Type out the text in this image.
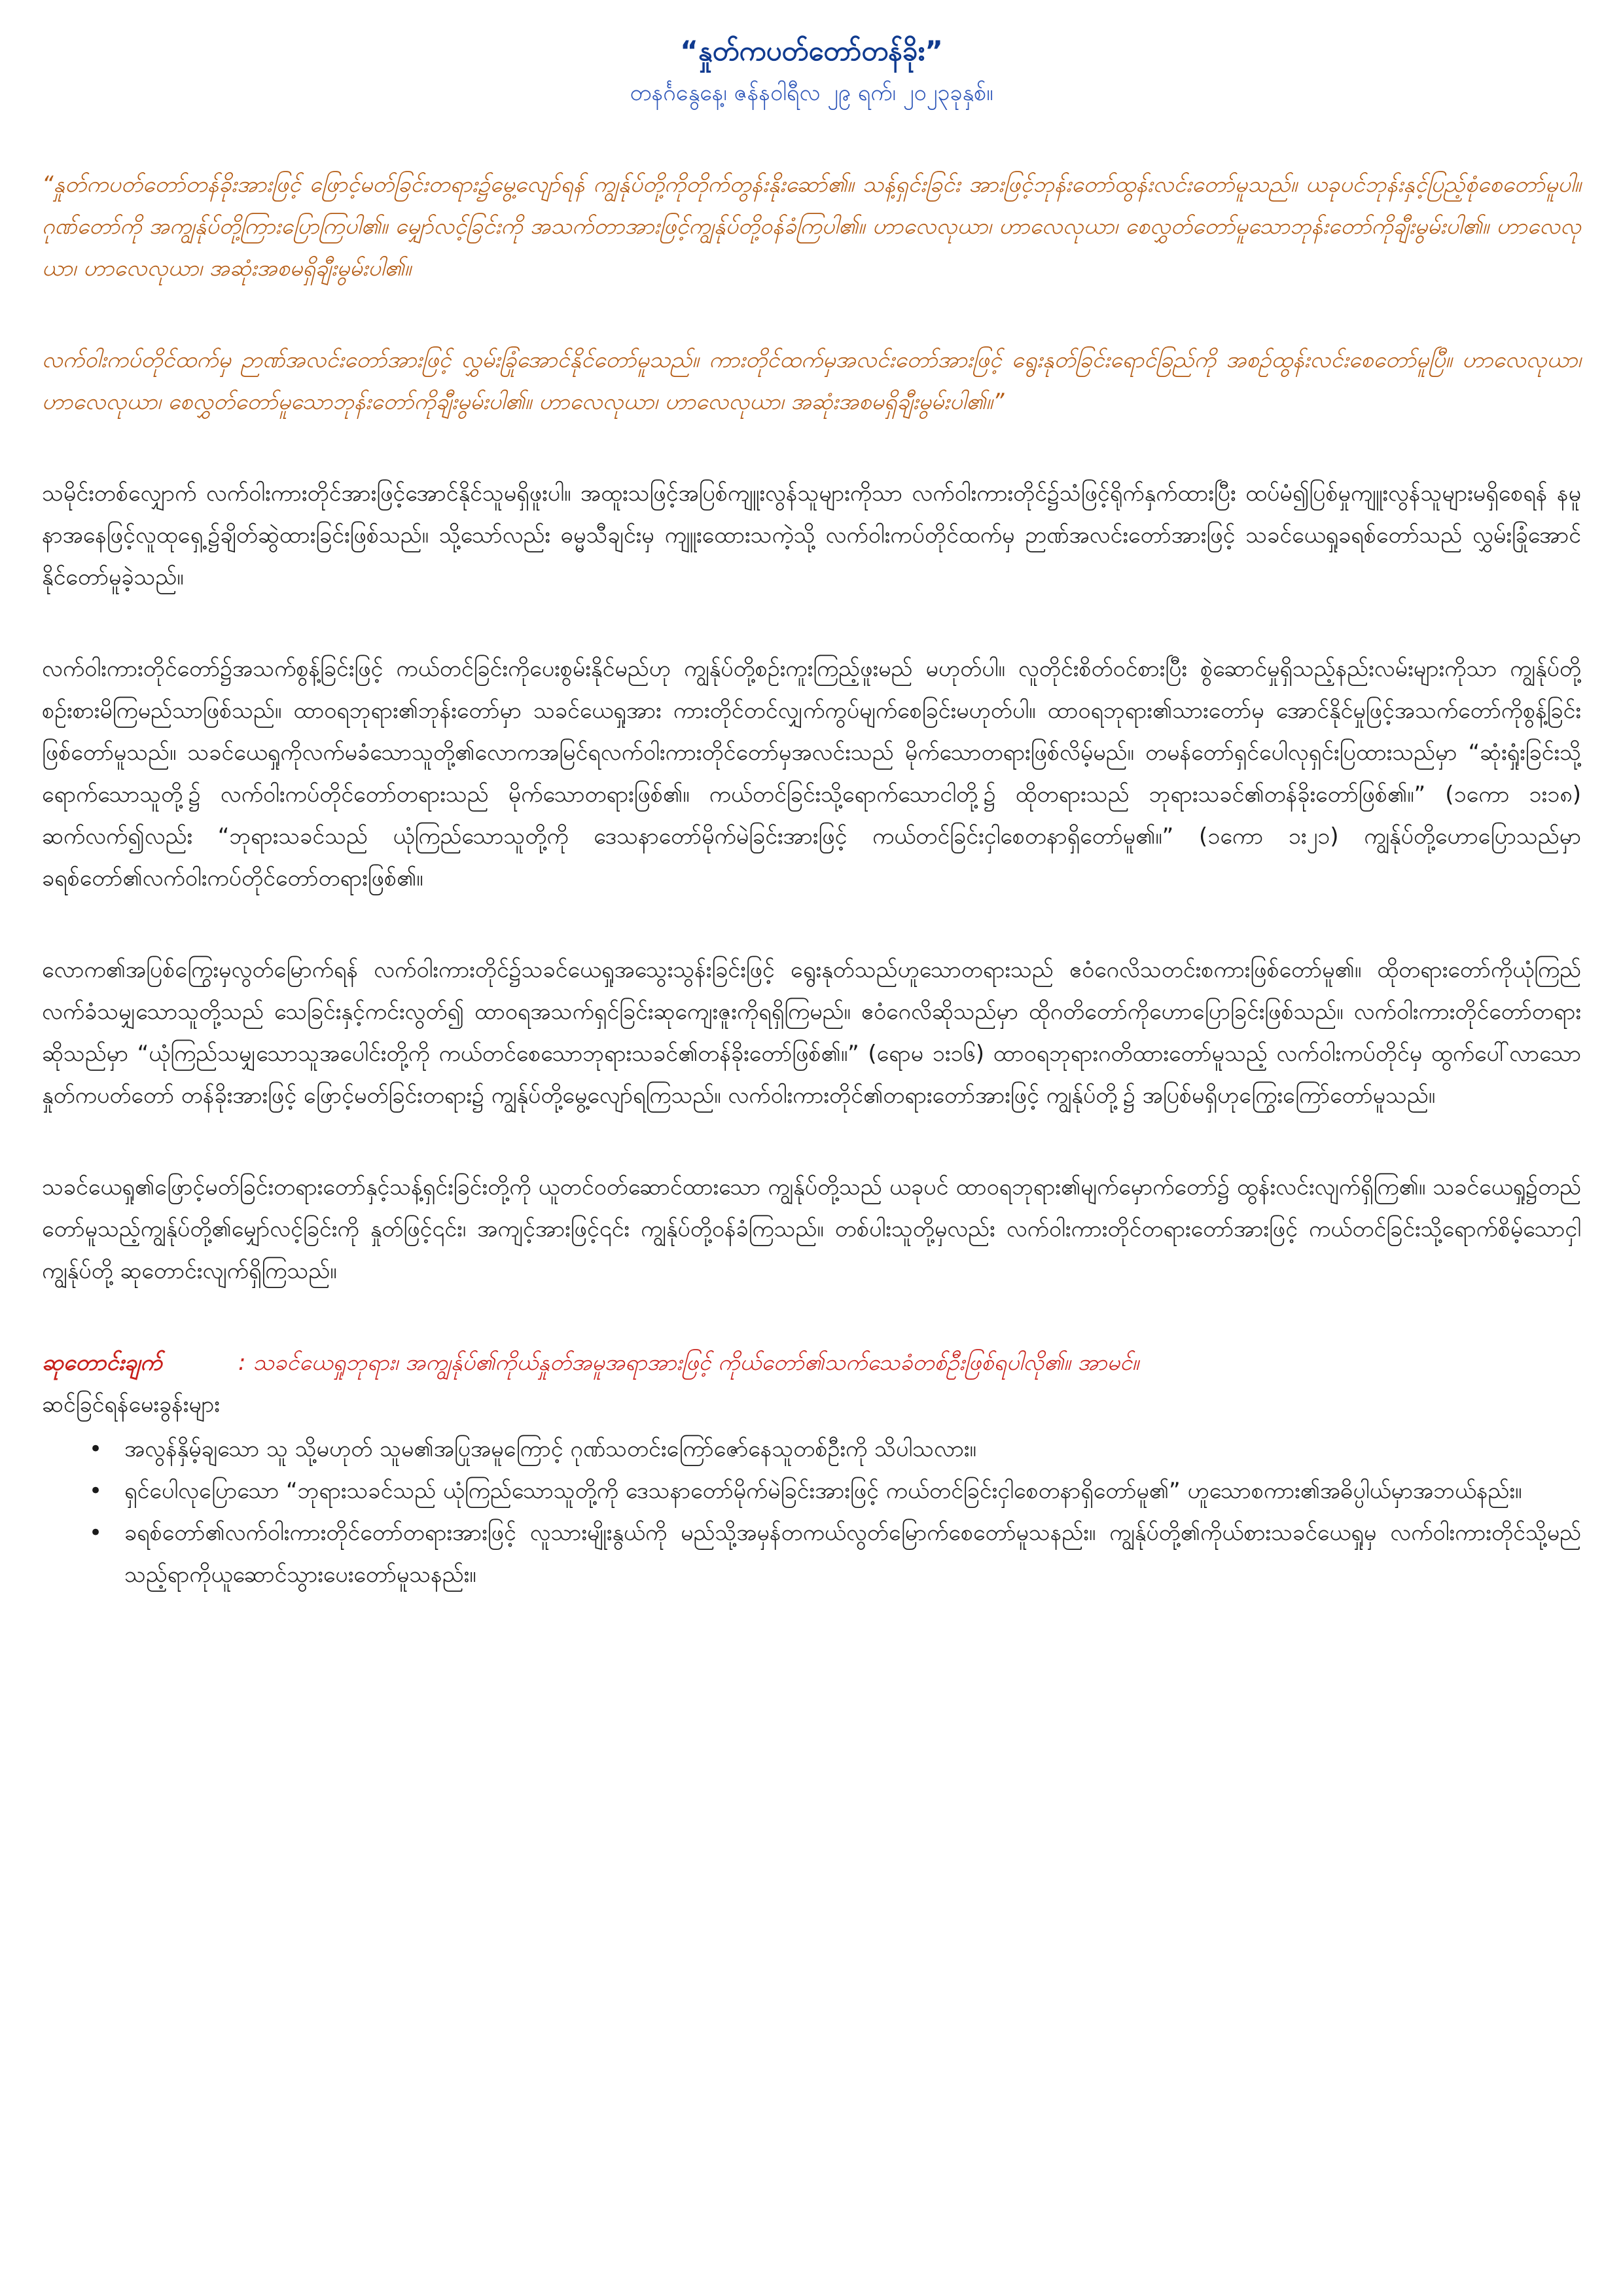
“နှုတ်ကပတ်တော်တန်ခိုး”
တနင်္ဂနွေနေ့၊ ဇန်နဝါရီလ ၂၉ ရက်၊ ၂၀၂၃ခုနှစ်။

“နှုတ်ကပတ်တော်တန်ခိုးအားဖြင့် ဖြောင့်မတ်ခြင်းတရား၌မွေ့လျော်ရန် ကျွန်ုပ်တို့ကိုတိုက်တွန်းနိုးဆော်၏။ သန့်ရှင်းခြင်း အားဖြင့်ဘုန်းတော်ထွန်းလင်းတော်မူသည်။ ယခုပင်ဘုန်းနှင့်ပြည့်စုံစေတော်မူပါ။ ဂုဏ်တော်ကို အကျွန်ုပ်တို့ကြားပြောကြပါ၏။ မျှော်လင့်ခြင်းကို အသက်တာအားဖြင့်ကျွန်ုပ်တို့ဝန်ခံကြပါ၏။ ဟာလေလုယာ၊ ဟာလေလုယာ၊ စေလွှတ်တော်မူသောဘုန်းတော်ကိုချီးမွမ်းပါ၏။ ဟာလေလုယာ၊ ဟာလေလုယာ၊ အဆုံးအစမရှိချီးမွမ်းပါ၏။

လက်ဝါးကပ်တိုင်ထက်မှ ဉာဏ်အလင်းတော်အားဖြင့် လွှမ်းခြုံအောင်နိုင်တော်မူသည်။ ကားတိုင်ထက်မှအလင်းတော်အားဖြင့် ရွေးနုတ်ခြင်းရောင်ခြည်ကို အစဉ်ထွန်းလင်းစေတော်မူပြီ။ ဟာလေလုယာ၊ ဟာလေလုယာ၊ စေလွှတ်တော်မူသောဘုန်းတော်ကိုချီးမွမ်းပါ၏။ ဟာလေလုယာ၊ ဟာလေလုယာ၊ အဆုံးအစမရှိချီးမွမ်းပါ၏။”

သမိုင်းတစ်လျှောက် လက်ဝါးကားတိုင်အားဖြင့်အောင်နိုင်သူမရှိဖူးပါ။ အထူးသဖြင့်အပြစ်ကျူးလွန်သူများကိုသာ လက်ဝါးကားတိုင်၌သံဖြင့်ရိုက်နှက်ထားပြီး ထပ်မံ၍ပြစ်မှုကျူးလွန်သူများမရှိစေရန် နမူနာအနေဖြင့်လူထုရှေ့၌ချိတ်ဆွဲထားခြင်းဖြစ်သည်။ သို့သော်လည်း ဓမ္မသီချင်းမှ ကျူးထေားသကဲ့သို့ လက်ဝါးကပ်တိုင်ထက်မှ ဉာဏ်အလင်းတော်အားဖြင့် သခင်ယေရှုခရစ်တော်သည် လွှမ်းခြုံအောင်နိုင်တော်မူခဲ့သည်။

လက်ဝါးကားတိုင်တော်၌အသက်စွန့်ခြင်းဖြင့် ကယ်တင်ခြင်းကိုပေးစွမ်းနိုင်မည်ဟု ကျွန်ုပ်တို့စဉ်းကူးကြည့်ဖူးမည် မဟုတ်ပါ။ လူတိုင်းစိတ်ဝင်စားပြီး စွဲဆောင်မှုရှိသည့်နည်းလမ်းများကိုသာ ကျွန်ုပ်တို့စဉ်းစားမိကြမည်သာဖြစ်သည်။ ထာဝရဘုရား၏ဘုန်းတော်မှာ သခင်ယေရှုအား ကားတိုင်တင်လျှက်ကွပ်မျက်စေခြင်းမဟုတ်ပါ။ ထာဝရဘုရား၏သားတော်မှ အောင်နိုင်မှုဖြင့်အသက်တော်ကိုစွန့်ခြင်းဖြစ်တော်မူသည်။ သခင်ယေရှုကိုလက်မခံသောသူတို့၏လောကအမြင်ရလက်ဝါးကားတိုင်တော်မှအလင်းသည် မိုက်သောတရားဖြစ်လိမ့်မည်။ တမန်တော်ရှင်ပေါလုရှင်းပြထားသည်မှာ “ဆုံးရှုံးခြင်းသို့ရောက်သောသူတို့၌ လက်ဝါးကပ်တိုင်တော်တရားသည် မိုက်သောတရားဖြစ်၏။ ကယ်တင်ခြင်းသို့ရောက်သောငါတို့၌ ထိုတရားသည် ဘုရားသခင်၏တန်ခိုးတော်ဖြစ်၏။” (၁ကော ၁း၁၈) ဆက်လက်၍လည်း “ဘုရားသခင်သည် ယုံကြည်သောသူတို့ကို ဒေသနာတော်မိုက်မဲခြင်းအားဖြင့် ကယ်တင်ခြင်းငှါစေတနာရှိတော်မူ၏။” (၁ကော ၁း၂၁) ကျွန်ုပ်တို့ဟောပြောသည်မှာ ခရစ်တော်၏လက်ဝါးကပ်တိုင်တော်တရားဖြစ်၏။

လောက၏အပြစ်ကြွေးမှလွတ်မြောက်ရန် လက်ဝါးကားတိုင်၌သခင်ယေရှုအသွေးသွန်းခြင်းဖြင့် ရွေးနုတ်သည်ဟူသောတရားသည် ဧဝံဂေလိသတင်းစကားဖြစ်တော်မူ၏။ ထိုတရားတော်ကိုယုံကြည်လက်ခံသမျှသောသူတို့သည် သေခြင်းနှင့်ကင်းလွတ်၍ ထာဝရအသက်ရှင်ခြင်းဆုကျေးဇူးကိုရရှိကြမည်။ ဧဝံဂေလိဆိုသည်မှာ ထိုဂတိတော်ကိုဟောပြောခြင်းဖြစ်သည်။ လက်ဝါးကားတိုင်တော်တရားဆိုသည်မှာ “ယုံကြည်သမျှသောသူအပေါင်းတို့ကို ကယ်တင်စေသောဘုရားသခင်၏တန်ခိုးတော်ဖြစ်၏။” (ရောမ ၁း၁၆) ထာဝရဘုရားဂတိထားတော်မူသည့် လက်ဝါးကပ်တိုင်မှ ထွက်ပေါ်လာသောနှုတ်ကပတ်တော် တန်ခိုးအားဖြင့် ဖြောင့်မတ်ခြင်းတရား၌ ကျွန်ုပ်တို့မွေ့လျော်ရကြသည်။ လက်ဝါးကားတိုင်၏တရားတော်အားဖြင့် ကျွန်ုပ်တို့၌ အပြစ်မရှိဟုကြွေးကြော်တော်မူသည်။

သခင်ယေရှု၏ဖြောင့်မတ်ခြင်းတရားတော်နှင့်သန့်ရှင်းခြင်းတို့ကို ယူတင်ဝတ်ဆောင်ထားသော ကျွန်ုပ်တို့သည် ယခုပင် ထာဝရဘုရား၏မျက်မှောက်တော်၌ ထွန်းလင်းလျက်ရှိကြ၏။ သခင်ယေရှု၌တည်တော်မူသည့်ကျွန်ုပ်တို့၏မျှော်လင့်ခြင်းကို နှုတ်ဖြင့်၎င်း၊ အကျင့်အားဖြင့်၎င်း ကျွန်ုပ်တို့ဝန်ခံကြသည်။ တစ်ပါးသူတို့မှလည်း လက်ဝါးကားတိုင်တရားတော်အားဖြင့် ကယ်တင်ခြင်းသို့ရောက်စိမ့်သောငှါ ကျွန်ုပ်တို့ ဆုတောင်းလျက်ရှိကြသည်။

ဆုတောင်းချက်	: သခင်ယေရှုဘုရား၊ အကျွန်ုပ်၏ကိုယ်နှုတ်အမူအရာအားဖြင့် ကိုယ်တော်၏သက်သေခံတစ်ဦးဖြစ်ရပါလို၏။ အာမင်။

ဆင်ခြင်ရန်မေးခွန်းများ

• အလွန်နှိမ့်ချသော သူ သို့မဟုတ် သူမ၏အပြုအမူကြောင့် ဂုဏ်သတင်းကြော်ဇော်နေသူတစ်ဦးကို သိပါသလား။
• ရှင်ပေါလုပြောသော “ဘုရားသခင်သည် ယုံကြည်သောသူတို့ကို ဒေသနာတော်မိုက်မဲခြင်းအားဖြင့် ကယ်တင်ခြင်းငှါစေတနာရှိတော်မူ၏” ဟူသောစကား၏အဓိပ္ပါယ်မှာအဘယ်နည်း။
• ခရစ်တော်၏လက်ဝါးကားတိုင်တော်တရားအားဖြင့် လူသားမျိုးနွယ်ကို မည်သို့အမှန်တကယ်လွတ်မြောက်စေတော်မူသနည်း။ ကျွန်ုပ်တို့၏ကိုယ်စားသခင်ယေရှုမှ လက်ဝါးကားတိုင်သို့မည်သည့်ရာကိုယူဆောင်သွားပေးတော်မူသနည်း။
